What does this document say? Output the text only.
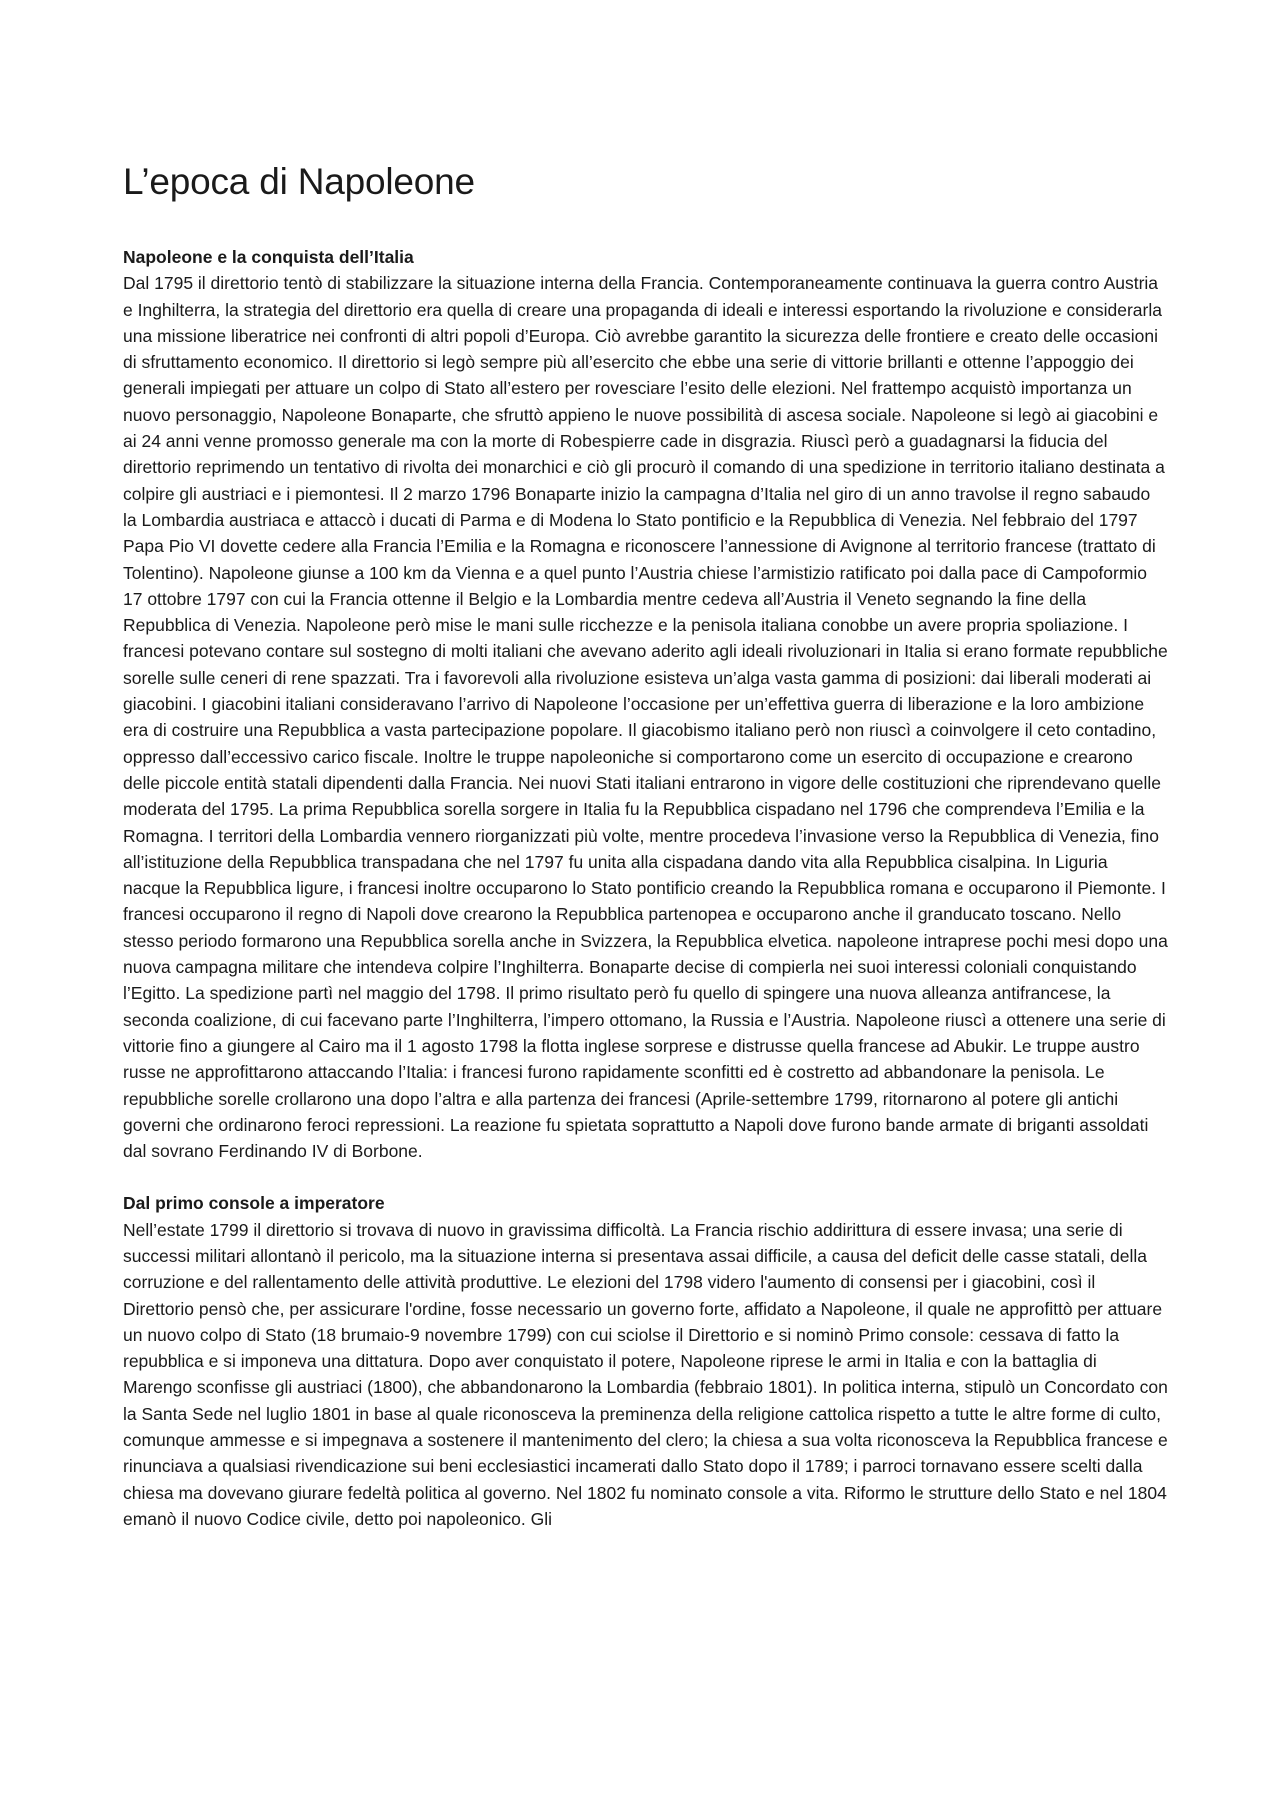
L’epoca di Napoleone

Napoleone e la conquista dell’Italia

Dal 1795 il direttorio tentò di stabilizzare la situazione interna della Francia. Contemporaneamente continuava la guerra contro Austria e Inghilterra, la strategia del direttorio era quella di creare una propaganda di ideali e interessi esportando la rivoluzione e considerarla una missione liberatrice nei confronti di altri popoli d’Europa. Ciò avrebbe garantito la sicurezza delle frontiere e creato delle occasioni di sfruttamento economico. Il direttorio si legò sempre più all’esercito che ebbe una serie di vittorie brillanti e ottenne l’appoggio dei generali impiegati per attuare un colpo di Stato all’estero per rovesciare l’esito delle elezioni. Nel frattempo acquistò importanza un nuovo personaggio, Napoleone Bonaparte, che sfruttò appieno le nuove possibilità di ascesa sociale. Napoleone si legò ai giacobini e ai 24 anni venne promosso generale ma con la morte di Robespierre cade in disgrazia. Riuscì però a guadagnarsi la fiducia del direttorio reprimendo un tentativo di rivolta dei monarchici e ciò gli procurò il comando di una spedizione in territorio italiano destinata a colpire gli austriaci e i piemontesi. Il 2 marzo 1796 Bonaparte inizio la campagna d’Italia nel giro di un anno travolse il regno sabaudo la Lombardia austriaca e attaccò i ducati di Parma e di Modena lo Stato pontificio e la Repubblica di Venezia. Nel febbraio del 1797 Papa Pio VI dovette cedere alla Francia l’Emilia e la Romagna e riconoscere l’annessione di Avignone al territorio francese (trattato di Tolentino). Napoleone giunse a 100 km da Vienna e a quel punto l’Austria chiese l’armistizio ratificato poi dalla pace di Campoformio 17 ottobre 1797 con cui la Francia ottenne il Belgio e la Lombardia mentre cedeva all’Austria il Veneto segnando la fine della Repubblica di Venezia. Napoleone però mise le mani sulle ricchezze e la penisola italiana conobbe un avere propria spoliazione. I francesi potevano contare sul sostegno di molti italiani che avevano aderito agli ideali rivoluzionari in Italia si erano formate repubbliche sorelle sulle ceneri di rene spazzati. Tra i favorevoli alla rivoluzione esisteva un’alga vasta gamma di posizioni: dai liberali moderati ai giacobini. I giacobini italiani consideravano l’arrivo di Napoleone l’occasione per un’effettiva guerra di liberazione e la loro ambizione era di costruire una Repubblica a vasta partecipazione popolare. Il giacobismo italiano però non riuscì a coinvolgere il ceto contadino, oppresso dall’eccessivo carico fiscale. Inoltre le truppe napoleoniche si comportarono come un esercito di occupazione e crearono delle piccole entità statali dipendenti dalla Francia. Nei nuovi Stati italiani entrarono in vigore delle costituzioni che riprendevano quelle moderata del 1795. La prima Repubblica sorella sorgere in Italia fu la Repubblica cispadano nel 1796 che comprendeva l’Emilia e la Romagna. I territori della Lombardia vennero riorganizzati più volte, mentre procedeva l’invasione verso la Repubblica di Venezia, fino all’istituzione della Repubblica transpadana che nel 1797 fu unita alla cispadana dando vita alla Repubblica cisalpina. In Liguria nacque la Repubblica ligure, i francesi inoltre occuparono lo Stato pontificio creando la Repubblica romana e occuparono il Piemonte. I francesi occuparono il regno di Napoli dove crearono la Repubblica partenopea e occuparono anche il granducato toscano. Nello stesso periodo formarono una Repubblica sorella anche in Svizzera, la Repubblica elvetica. napoleone intraprese pochi mesi dopo una nuova campagna militare che intendeva colpire l’Inghilterra. Bonaparte decise di compierla nei suoi interessi coloniali conquistando l’Egitto. La spedizione partì nel maggio del 1798. Il primo risultato però fu quello di spingere una nuova alleanza antifrancese, la seconda coalizione, di cui facevano parte l’Inghilterra, l’impero ottomano, la Russia e l’Austria. Napoleone riuscì a ottenere una serie di vittorie fino a giungere al Cairo ma il 1 agosto 1798 la flotta inglese sorprese e distrusse quella francese ad Abukir. Le truppe austro russe ne approfittarono attaccando l’Italia: i francesi furono rapidamente sconfitti ed è costretto ad abbandonare la penisola. Le repubbliche sorelle crollarono una dopo l’altra e alla partenza dei francesi (Aprile-settembre 1799, ritornarono al potere gli antichi governi che ordinarono feroci repressioni. La reazione fu spietata soprattutto a Napoli dove furono bande armate di briganti assoldati dal sovrano Ferdinando IV di Borbone.

Dal primo console a imperatore

Nell’estate 1799 il direttorio si trovava di nuovo in gravissima difficoltà. La Francia rischio addirittura di essere invasa; una serie di successi militari allontanò il pericolo, ma la situazione interna si presentava assai difficile, a causa del deficit delle casse statali, della corruzione e del rallentamento delle attività produttive. Le elezioni del 1798 videro l'aumento di consensi per i giacobini, così il Direttorio pensò che, per assicurare l'ordine, fosse necessario un governo forte, affidato a Napoleone, il quale ne approfittò per attuare un nuovo colpo di Stato (18 brumaio-9 novembre 1799) con cui sciolse il Direttorio e si nominò Primo console: cessava di fatto la repubblica e si imponeva una dittatura. Dopo aver conquistato il potere, Napoleone riprese le armi in Italia e con la battaglia di Marengo sconfisse gli austriaci (1800), che abbandonarono la Lombardia (febbraio 1801). In politica interna, stipulò un Concordato con la Santa Sede nel luglio 1801 in base al quale riconosceva la preminenza della religione cattolica rispetto a tutte le altre forme di culto, comunque ammesse e si impegnava a sostenere il mantenimento del clero; la chiesa a sua volta riconosceva la Repubblica francese e rinunciava a qualsiasi rivendicazione sui beni ecclesiastici incamerati dallo Stato dopo il 1789; i parroci tornavano essere scelti dalla chiesa ma dovevano giurare fedeltà politica al governo. Nel 1802 fu nominato console a vita. Riformo le strutture dello Stato e nel 1804 emanò il nuovo Codice civile, detto poi napoleonico. Gli
